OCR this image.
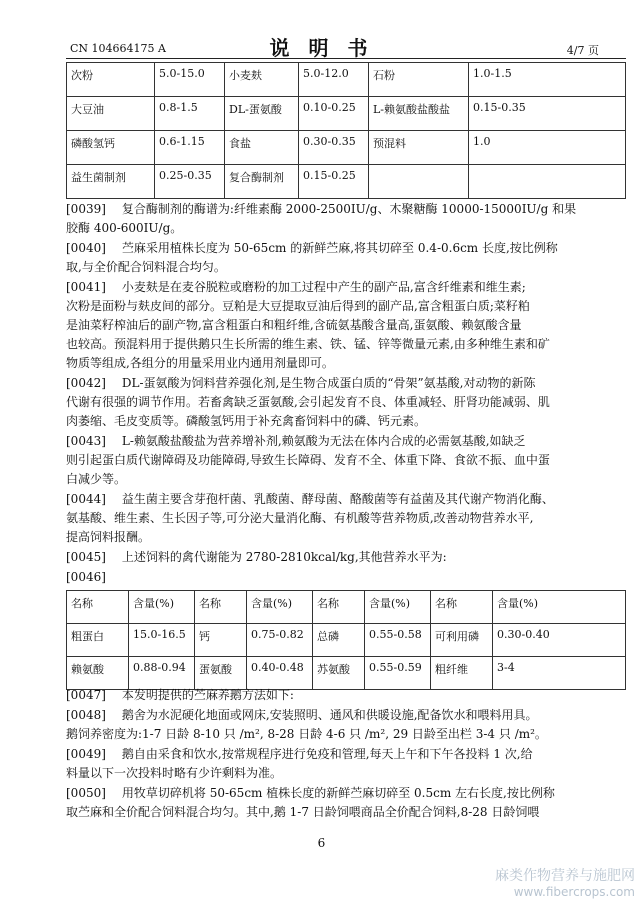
CN 104664175 A	说 明 书	4/7 页
次粉	5.0-15.0	小麦麸	5.0-12.0	石粉	1.0-1.5
大豆油	0.8-1.5	DL-蛋氨酸	0.10-0.25	L-赖氨酸盐酸盐	0.15-0.35
磷酸氢钙	0.6-1.15	食盐	0.30-0.35	预混料	1.0
益生菌制剂	0.25-0.35	复合酶制剂	0.15-0.25		
[0039] 复合酶制剂的酶谱为:纤维素酶 2000-2500IU/g、木聚糖酶 10000-15000IU/g 和果
胶酶 400-600IU/g。
[0040] 苎麻采用植株长度为 50-65cm 的新鲜苎麻,将其切碎至 0.4-0.6cm 长度,按比例称
取,与全价配合饲料混合均匀。
[0041] 小麦麸是在麦谷脱粒或磨粉的加工过程中产生的副产品,富含纤维素和维生素;
次粉是面粉与麸皮间的部分。豆粕是大豆提取豆油后得到的副产品,富含粗蛋白质;菜籽粕
是油菜籽榨油后的副产物,富含粗蛋白和粗纤维,含硫氨基酸含量高,蛋氨酸、赖氨酸含量
也较高。预混料用于提供鹅只生长所需的维生素、铁、锰、锌等微量元素,由多种维生素和矿
物质等组成,各组分的用量采用业内通用剂量即可。
[0042] DL-蛋氨酸为饲料营养强化剂,是生物合成蛋白质的“骨架”氨基酸,对动物的新陈
代谢有很强的调节作用。若畜禽缺乏蛋氨酸,会引起发育不良、体重减轻、肝肾功能减弱、肌
肉萎缩、毛皮变质等。磷酸氢钙用于补充禽畜饲料中的磷、钙元素。
[0043] L-赖氨酸盐酸盐为营养增补剂,赖氨酸为无法在体内合成的必需氨基酸,如缺乏
则引起蛋白质代谢障碍及功能障碍,导致生长障碍、发育不全、体重下降、食欲不振、血中蛋
白减少等。
[0044] 益生菌主要含芽孢杆菌、乳酸菌、酵母菌、酪酸菌等有益菌及其代谢产物消化酶、
氨基酸、维生素、生长因子等,可分泌大量消化酶、有机酸等营养物质,改善动物营养水平,
提高饲料报酬。
[0045] 上述饲料的禽代谢能为 2780-2810kcal/kg,其他营养水平为:
[0046]
名称	含量(%)	名称	含量(%)	名称	含量(%)	名称	含量(%)
粗蛋白	15.0-16.5	钙	0.75-0.82	总磷	0.55-0.58	可利用磷	0.30-0.40
赖氨酸	0.88-0.94	蛋氨酸	0.40-0.48	苏氨酸	0.55-0.59	粗纤维	3-4
[0047] 本发明提供的苎麻养鹅方法如下:
[0048] 鹅舍为水泥硬化地面或网床,安装照明、通风和供暖设施,配备饮水和喂料用具。
鹅饲养密度为:1-7 日龄 8-10 只 /m², 8-28 日龄 4-6 只 /m², 29 日龄至出栏 3-4 只 /m²。
[0049] 鹅自由采食和饮水,按常规程序进行免疫和管理,每天上午和下午各投料 1 次,给
料量以下一次投料时略有少许剩料为准。
[0050] 用牧草切碎机将 50-65cm 植株长度的新鲜苎麻切碎至 0.5cm 左右长度,按比例称
取苎麻和全价配合饲料混合均匀。其中,鹅 1-7 日龄饲喂商品全价配合饲料,8-28 日龄饲喂
6
麻类作物营养与施肥网
www.fibercrops.com
